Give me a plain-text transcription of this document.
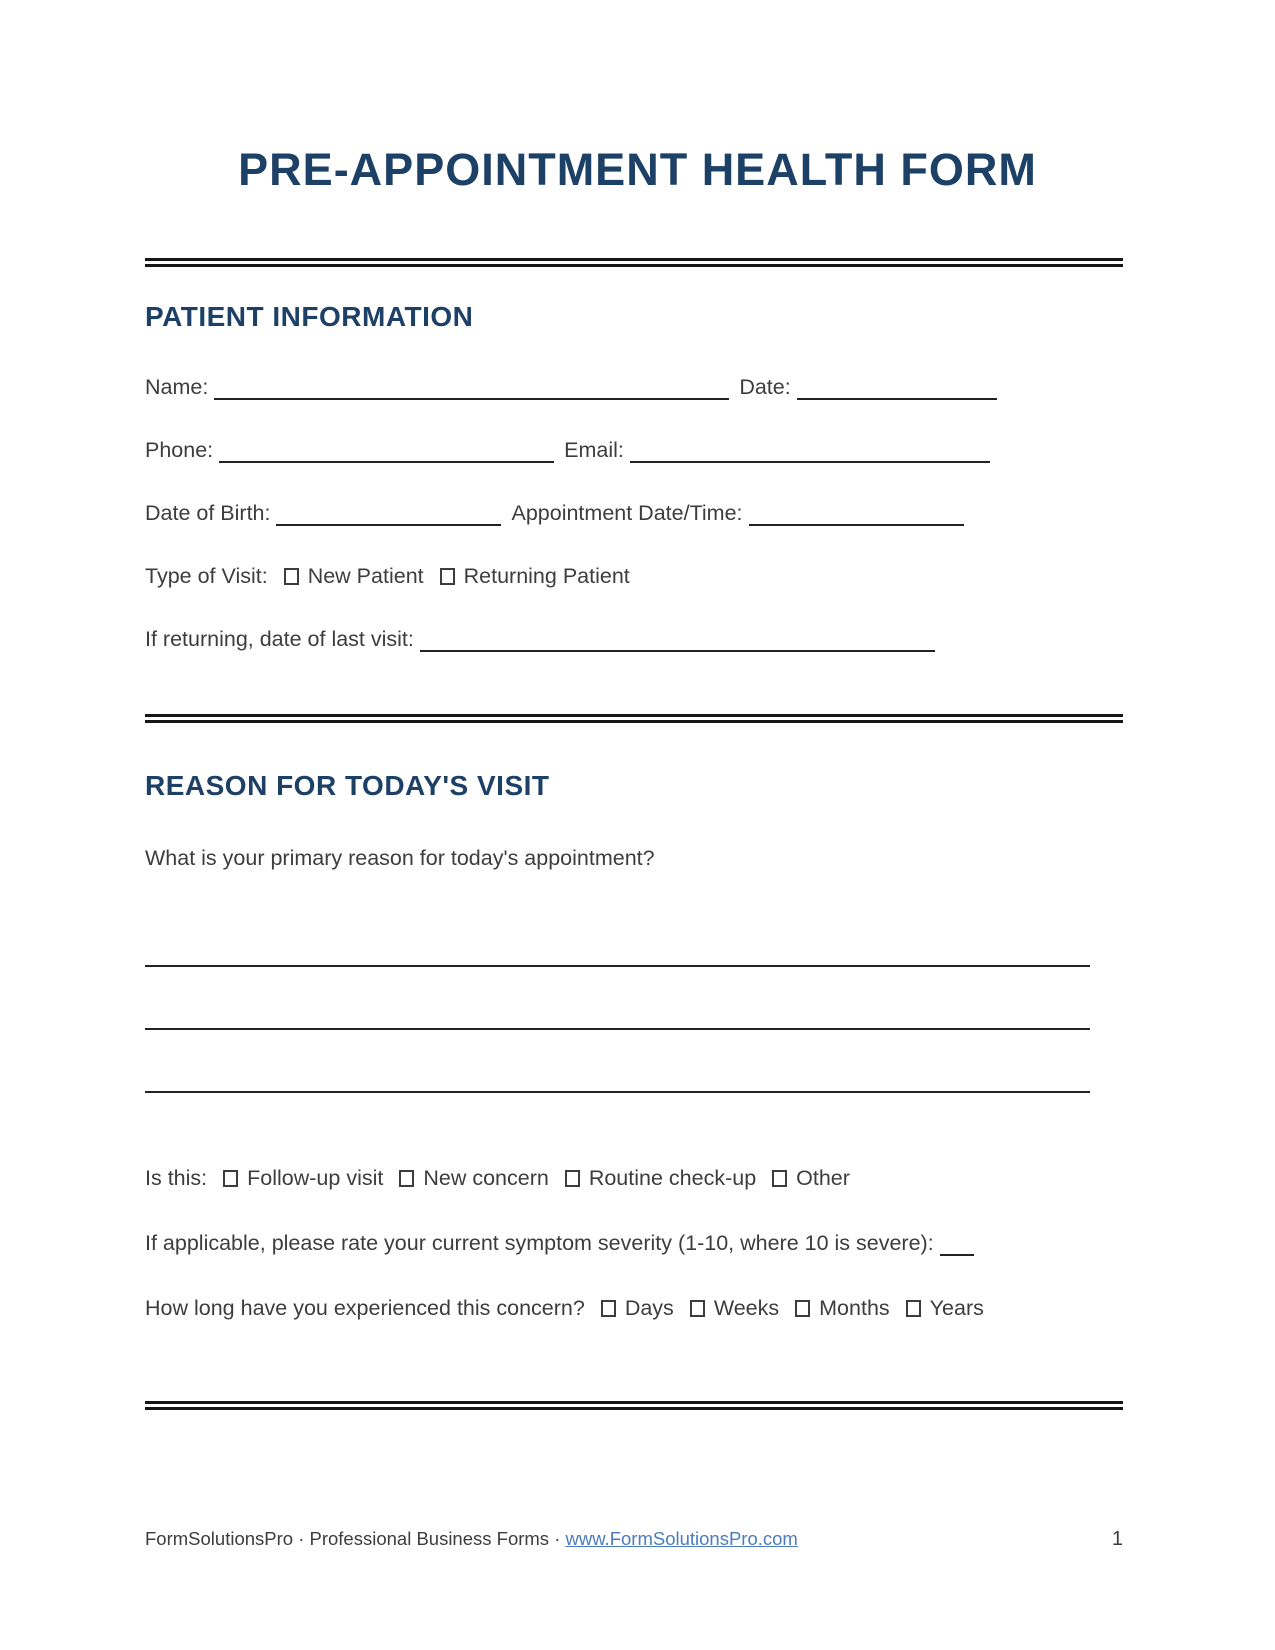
PRE-APPOINTMENT HEALTH FORM
PATIENT INFORMATION
Name:	Date:
Phone:	Email:
Date of Birth:	Appointment Date/Time:
Type of Visit: New Patient Returning Patient
If returning, date of last visit:
REASON FOR TODAY'S VISIT
What is your primary reason for today's appointment?
Is this: Follow-up visit New concern Routine check-up Other
If applicable, please rate your current symptom severity (1-10, where 10 is severe):
How long have you experienced this concern? Days Weeks Months Years
FormSolutionsPro · Professional Business Forms · www.FormSolutionsPro.com	1
